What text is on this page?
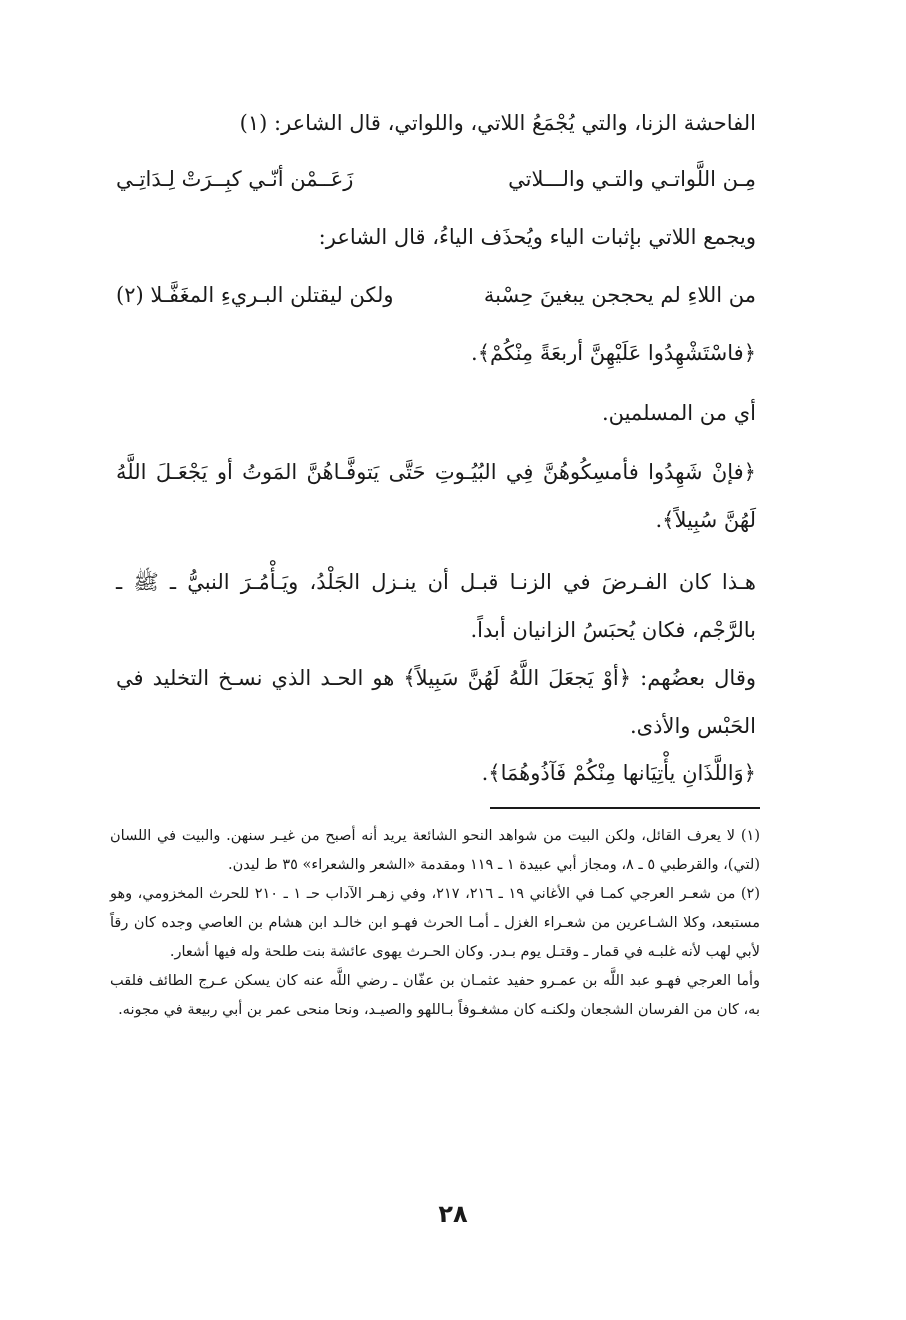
الفاحشة الزنا، والتي يُجْمَعُ اللاتي، واللواتي، قال الشاعر: (١)
مِـن اللَّواتـي والتـي والـــلاتي
زَعَــمْن أنّـي كبِــرَتْ لِـدَاتِـي
ويجمع اللاتي بإثبات الياء ويُحذَف الياءُ، قال الشاعر:
من اللاءِ لم يحججن يبغينَ حِسْبة
ولكن ليقتلن البـريءِ المغَفَّـلا (٢)
﴿فاسْتَشْهِدُوا عَلَيْهِنَّ أربعَةً مِنْكُمْ﴾.
أي من المسلمين.
﴿فإنْ شَهِدُوا فأمسِكُوهُنَّ فِي البُيُـوتِ حَتَّى يَتوفَّـاهُنَّ المَوتُ أو يَجْعَـلَ اللَّهُ لَهُنَّ سُبِيلاً﴾.
هـذا كان الفـرضَ في الزنـا قبـل أن ينـزل الجَلْدُ، ويَـأْمُـرَ النبيُّ ـ ﷺ ـ بالرَّجْم، فكان يُحبَسُ الزانيان أبداً.
وقال بعضُهم: ﴿أوْ يَجعَلَ اللَّهُ لَهُنَّ سَبِيلاً﴾ هو الحـد الذي نسـخ التخليد في الحَبْس والأذى.
﴿وَاللَّذَانِ يأْتِيَانها مِنْكُمْ فَآذُوهُمَا﴾.

(١) لا يعرف القائل، ولكن البيت من شواهد النحو الشائعة يريد أنه أصبح من غيـر سنهن. والبيت في اللسان (لتي)، والقرطبي ٥ ـ ٨، ومجاز أبي عبيدة ١ ـ ١١٩ ومقدمة «الشعر والشعراء» ٣٥ ط ليدن.

(٢) من شعـر العرجي كمـا في الأغاني ١٩ ـ ٢١٦، ٢١٧، وفي زهـر الآداب حـ ١ ـ ٢١٠ للحرث المخزومي، وهو مستبعد، وكلا الشـاعرين من شعـراء الغزل ـ أمـا الحرث فهـو ابن خالـد ابن هشام بن العاصي وجده كان رقاً لأبي لهب لأنه غلبـه في قمار ـ وقتـل يوم بـدر. وكان الحـرث يهوى عائشة بنت طلحة وله فيها أشعار.

وأما العرجي فهـو عبد اللَّه بن عمـرو حفيد عثمـان بن عفّان ـ رضي اللَّه عنه كان يسكن عـرج الطائف فلقب به، كان من الفرسان الشجعان ولكنـه كان مشغـوفاً بـاللهو والصيـد، ونحا منحى عمر بن أبي ربيعة في مجونه.

٢٨
